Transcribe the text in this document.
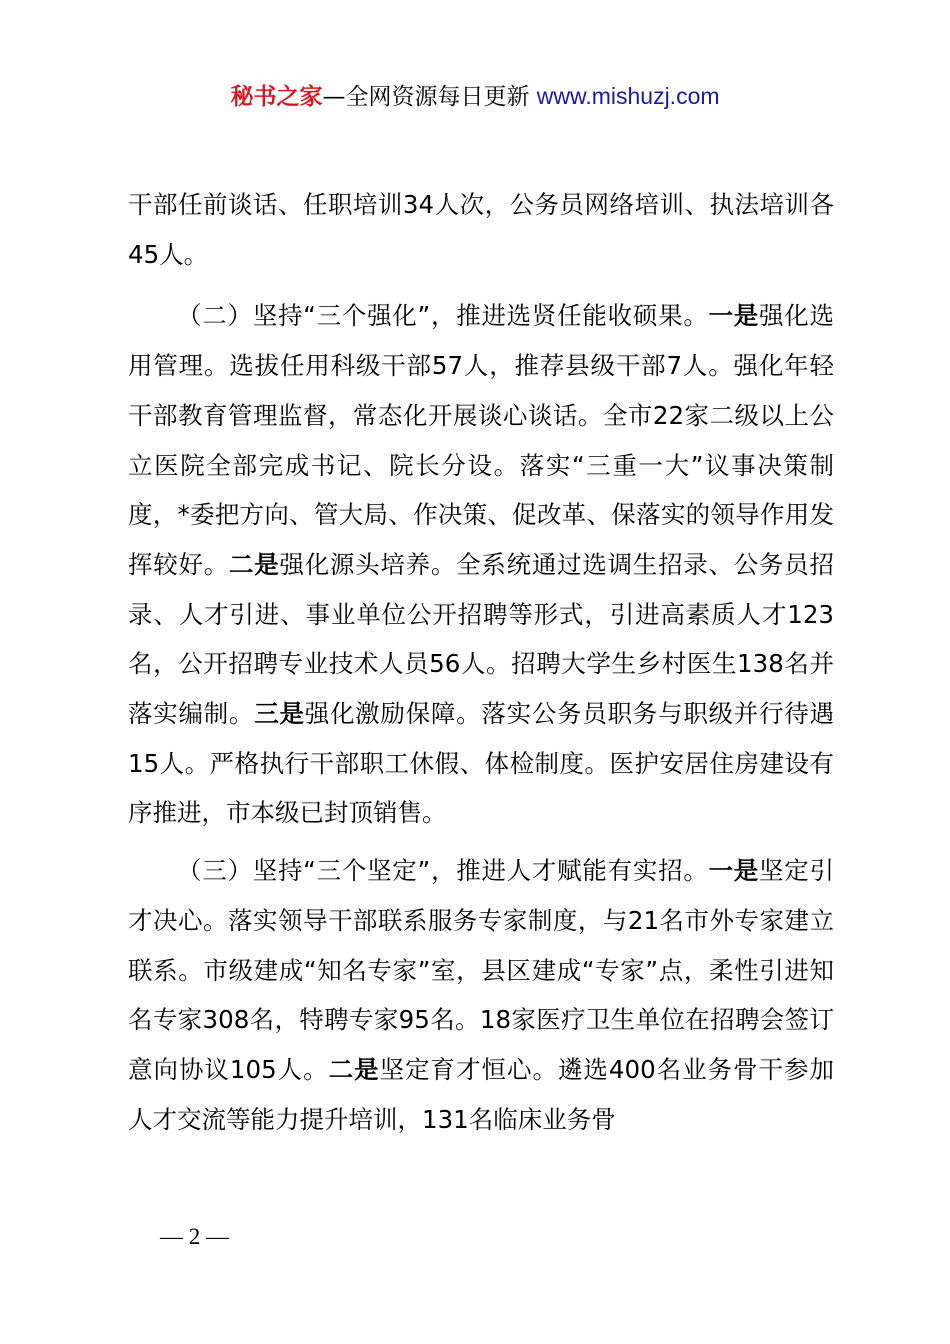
秘书之家—全网资源每日更新 www.mishuzj.com

干部任前谈话、任职培训34人次，公务员网络培训、执法培训各45人。

（二）坚持“三个强化”，推进选贤任能收硕果。一是强化选用管理。选拔任用科级干部57人，推荐县级干部7人。强化年轻干部教育管理监督，常态化开展谈心谈话。全市22家二级以上公立医院全部完成书记、院长分设。落实“三重一大”议事决策制度，*委把方向、管大局、作决策、促改革、保落实的领导作用发挥较好。二是强化源头培养。全系统通过选调生招录、公务员招录、人才引进、事业单位公开招聘等形式，引进高素质人才123名，公开招聘专业技术人员56人。招聘大学生乡村医生138名并落实编制。三是强化激励保障。落实公务员职务与职级并行待遇15人。严格执行干部职工休假、体检制度。医护安居住房建设有序推进，市本级已封顶销售。

（三）坚持“三个坚定”，推进人才赋能有实招。一是坚定引才决心。落实领导干部联系服务专家制度，与21名市外专家建立联系。市级建成“知名专家”室，县区建成“专家”点，柔性引进知名专家308名，特聘专家95名。18家医疗卫生单位在招聘会签订意向协议105人。二是坚定育才恒心。遴选400名业务骨干参加人才交流等能力提升培训，131名临床业务骨

— 2 —
